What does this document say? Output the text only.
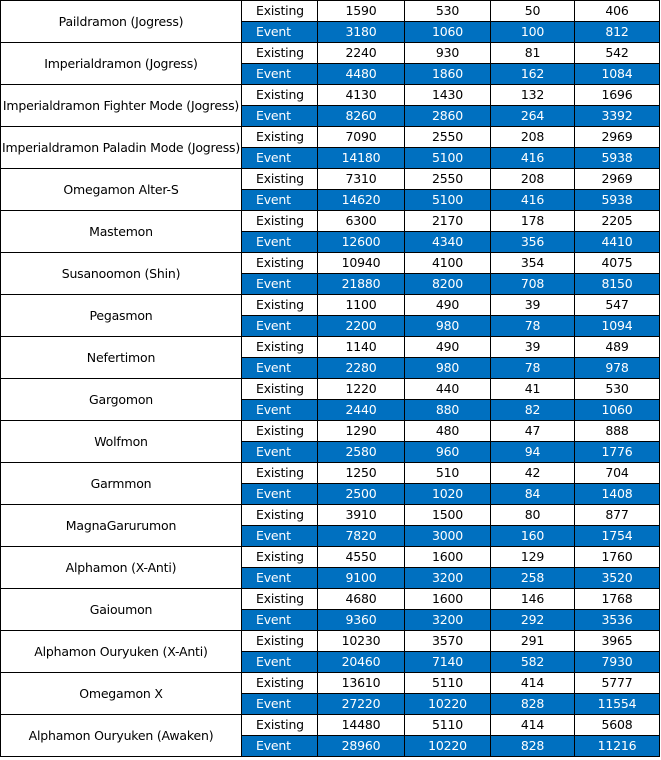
Paildramon (Jogress)	Existing	1590	530	50	406
	Event	3180	1060	100	812
Imperialdramon (Jogress)	Existing	2240	930	81	542
	Event	4480	1860	162	1084
Imperialdramon Fighter Mode (Jogress)	Existing	4130	1430	132	1696
	Event	8260	2860	264	3392
Imperialdramon Paladin Mode (Jogress)	Existing	7090	2550	208	2969
	Event	14180	5100	416	5938
Omegamon Alter-S	Existing	7310	2550	208	2969
	Event	14620	5100	416	5938
Mastemon	Existing	6300	2170	178	2205
	Event	12600	4340	356	4410
Susanoomon (Shin)	Existing	10940	4100	354	4075
	Event	21880	8200	708	8150
Pegasmon	Existing	1100	490	39	547
	Event	2200	980	78	1094
Nefertimon	Existing	1140	490	39	489
	Event	2280	980	78	978
Gargomon	Existing	1220	440	41	530
	Event	2440	880	82	1060
Wolfmon	Existing	1290	480	47	888
	Event	2580	960	94	1776
Garmmon	Existing	1250	510	42	704
	Event	2500	1020	84	1408
MagnaGarurumon	Existing	3910	1500	80	877
	Event	7820	3000	160	1754
Alphamon (X-Anti)	Existing	4550	1600	129	1760
	Event	9100	3200	258	3520
Gaioumon	Existing	4680	1600	146	1768
	Event	9360	3200	292	3536
Alphamon Ouryuken (X-Anti)	Existing	10230	3570	291	3965
	Event	20460	7140	582	7930
Omegamon X	Existing	13610	5110	414	5777
	Event	27220	10220	828	11554
Alphamon Ouryuken (Awaken)	Existing	14480	5110	414	5608
	Event	28960	10220	828	11216
